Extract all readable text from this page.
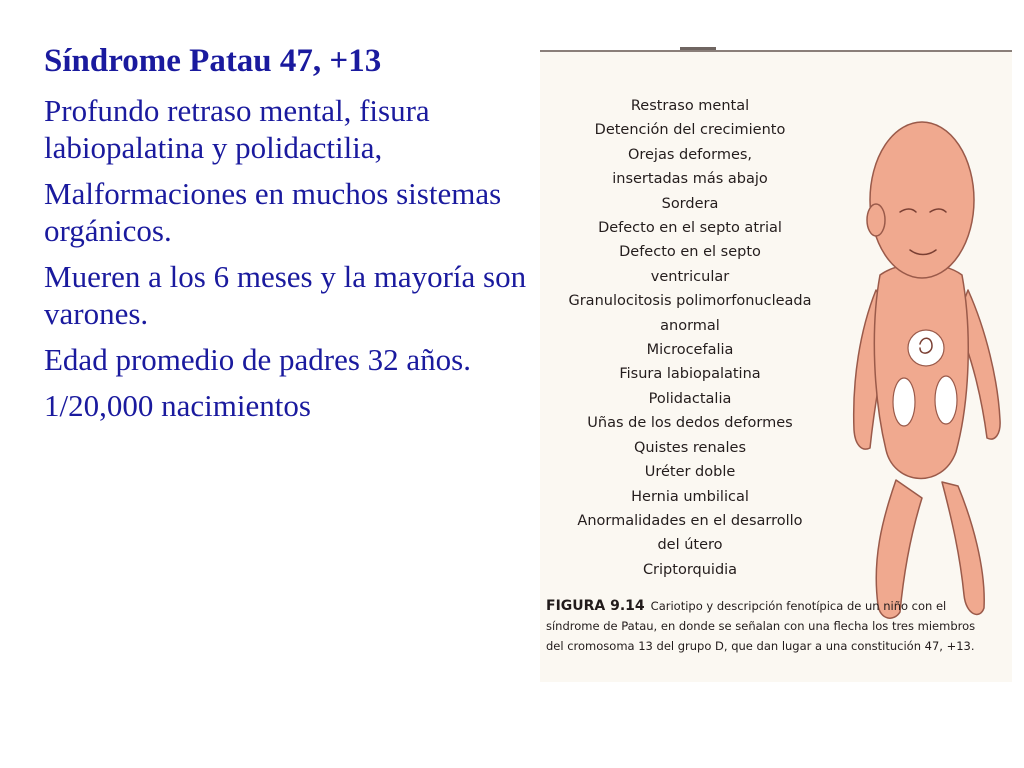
Síndrome Patau 47, +13

Profundo retraso mental, fisura labiopalatina y polidactilia,

Malformaciones en muchos sistemas orgánicos.

Mueren a los 6 meses y la mayoría son varones.

Edad promedio de padres 32 años.

1/20,000 nacimientos

Restraso mental
Detención del crecimiento
Orejas deformes,
insertadas más abajo
Sordera
Defecto en el septo atrial
Defecto en el septo
ventricular
Granulocitosis polimorfonucleada
anormal
Microcefalia
Fisura labiopalatina
Polidactalia
Uñas de los dedos deformes
Quistes renales
Uréter doble
Hernia umbilical
Anormalidades en el desarrollo
del útero
Criptorquidia
FIGURA 9.14 Cariotipo y descripción fenotípica de un niño con el
síndrome de Patau, en donde se señalan con una flecha los tres miembros
del cromosoma 13 del grupo D, que dan lugar a una constitución 47, +13.
